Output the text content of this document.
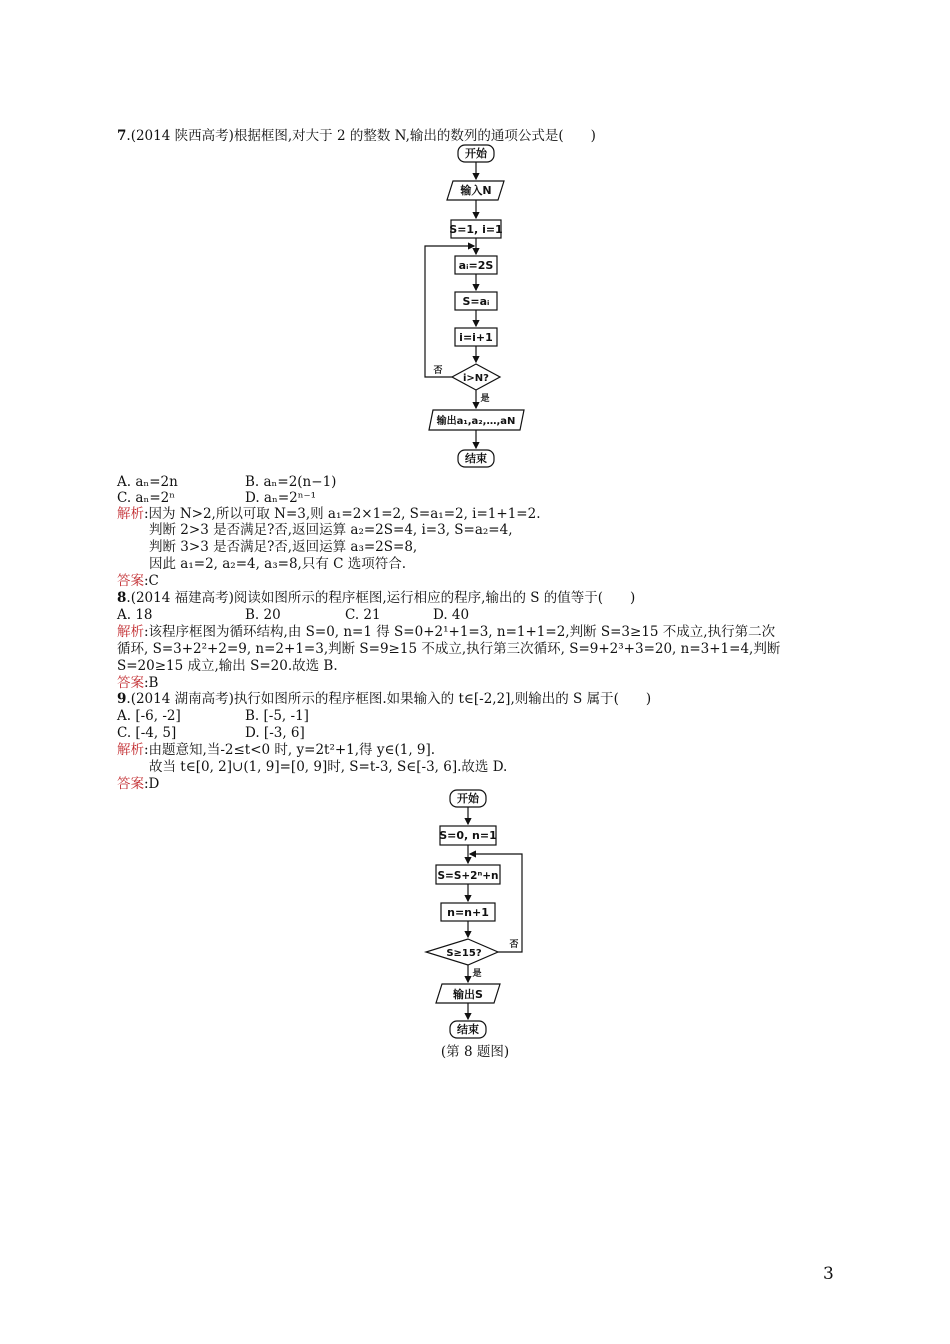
7.(2014 陕西高考)根据框图,对大于 2 的整数 N,输出的数列的通项公式是(　　)
开始
输入N
S=1, i=1
aᵢ=2S
S=aᵢ
i=i+1
i>N?
否
是
输出a₁,a₂,…,aN
结束
A. aₙ=2n	B. aₙ=2(n−1)
C. aₙ=2ⁿ	D. aₙ=2ⁿ⁻¹
解析:因为 N>2,所以可取 N=3,则 a₁=2×1=2, S=a₁=2, i=1+1=2.
判断 2>3 是否满足?否,返回运算 a₂=2S=4, i=3, S=a₂=4,
判断 3>3 是否满足?否,返回运算 a₃=2S=8,
因此 a₁=2, a₂=4, a₃=8,只有 C 选项符合.
答案:C
8.(2014 福建高考)阅读如图所示的程序框图,运行相应的程序,输出的 S 的值等于(　　)
A. 18	B. 20	C. 21	D. 40
解析:该程序框图为循环结构,由 S=0, n=1 得 S=0+2¹+1=3, n=1+1=2,判断 S=3≥15 不成立,执行第二次
循环, S=3+2²+2=9, n=2+1=3,判断 S=9≥15 不成立,执行第三次循环, S=9+2³+3=20, n=3+1=4,判断
S=20≥15 成立,输出 S=20.故选 B.
答案:B
9.(2014 湖南高考)执行如图所示的程序框图.如果输入的 t∈[-2,2],则输出的 S 属于(　　)
A. [-6, -2]	B. [-5, -1]
C. [-4, 5]	D. [-3, 6]
解析:由题意知,当-2≤t<0 时, y=2t²+1,得 y∈(1, 9].
故当 t∈[0, 2]∪(1, 9]=[0, 9]时, S=t-3, S∈[-3, 6].故选 D.
答案:D
开始
S=0, n=1
S=S+2ⁿ+n
n=n+1
S≥15?
否
是
输出S
结束
(第 8 题图)
3
